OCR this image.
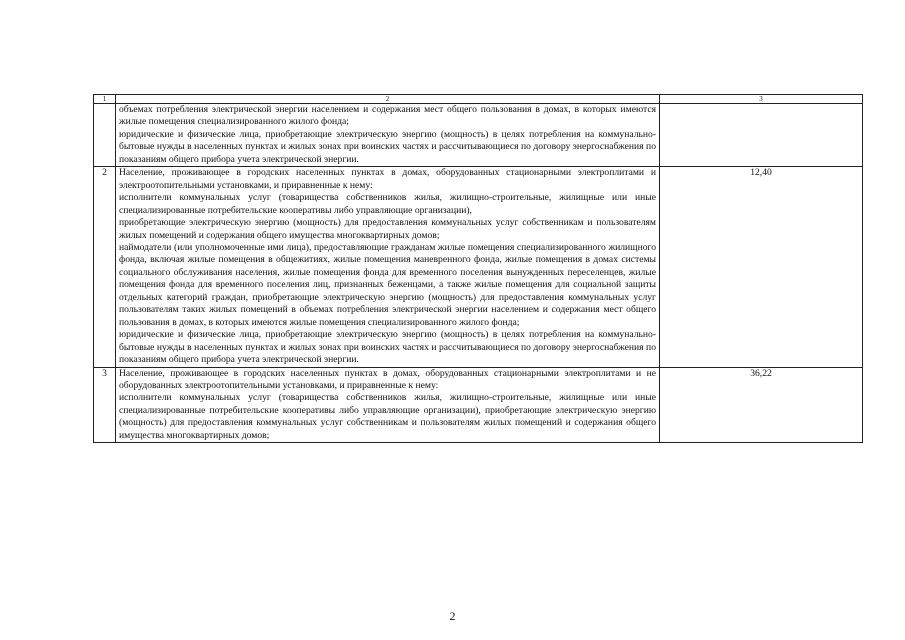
1	2	3

	объемах потребления электрической энергии населением и содержания мест общего пользования в домах, в которых имеются жилые помещения специализированного жилого фонда;
юридические и физические лица, приобретающие электрическую энергию (мощность) в целях потребления на коммунально-бытовые нужды в населенных пунктах и жилых зонах при воинских частях и рассчитывающиеся по договору энергоснабжения по показаниям общего прибора учета электрической энергии.	

2	Население, проживающее в городских населенных пунктах в домах, оборудованных стационарными электроплитами и электроотопительными установками, и приравненные к нему:
исполнители коммунальных услуг (товарищества собственников жилья, жилищно-строительные, жилищные или иные специализированные потребительские кооперативы либо управляющие организации),
приобретающие электрическую энергию (мощность) для предоставления коммунальных услуг собственникам и пользователям жилых помещений и содержания общего имущества многоквартирных домов;
наймодатели (или уполномоченные ими лица), предоставляющие гражданам жилые помещения специализированного жилищного фонда, включая жилые помещения в общежитиях, жилые помещения маневренного фонда, жилые помещения в домах системы социального обслуживания населения, жилые помещения фонда для временного поселения вынужденных переселенцев, жилые помещения фонда для временного поселения лиц, признанных беженцами, а также жилые помещения для социальной защиты отдельных категорий граждан, приобретающие электрическую энергию (мощность) для предоставления коммунальных услуг пользователям таких жилых помещений в объемах потребления электрической энергии населением и содержания мест общего пользования в домах, в которых имеются жилые помещения специализированного жилого фонда;
юридические и физические лица, приобретающие электрическую энергию (мощность) в целях потребления на коммунально-бытовые нужды в населенных пунктах и жилых зонах при воинских частях и рассчитывающиеся по договору энергоснабжения по показаниям общего прибора учета электрической энергии.	12,40
3	Население, проживающее в городских населенных пунктах в домах, оборудованных стационарными электроплитами и не оборудованных электроотопительными установками, и приравненные к нему:
исполнители коммунальных услуг (товарищества собственников жилья, жилищно-строительные, жилищные или иные специализированные потребительские кооперативы либо управляющие организации), приобретающие электрическую энергию (мощность) для предоставления коммунальных услуг собственникам и пользователям жилых помещений и содержания общего имущества многоквартирных домов;	36,22
2
